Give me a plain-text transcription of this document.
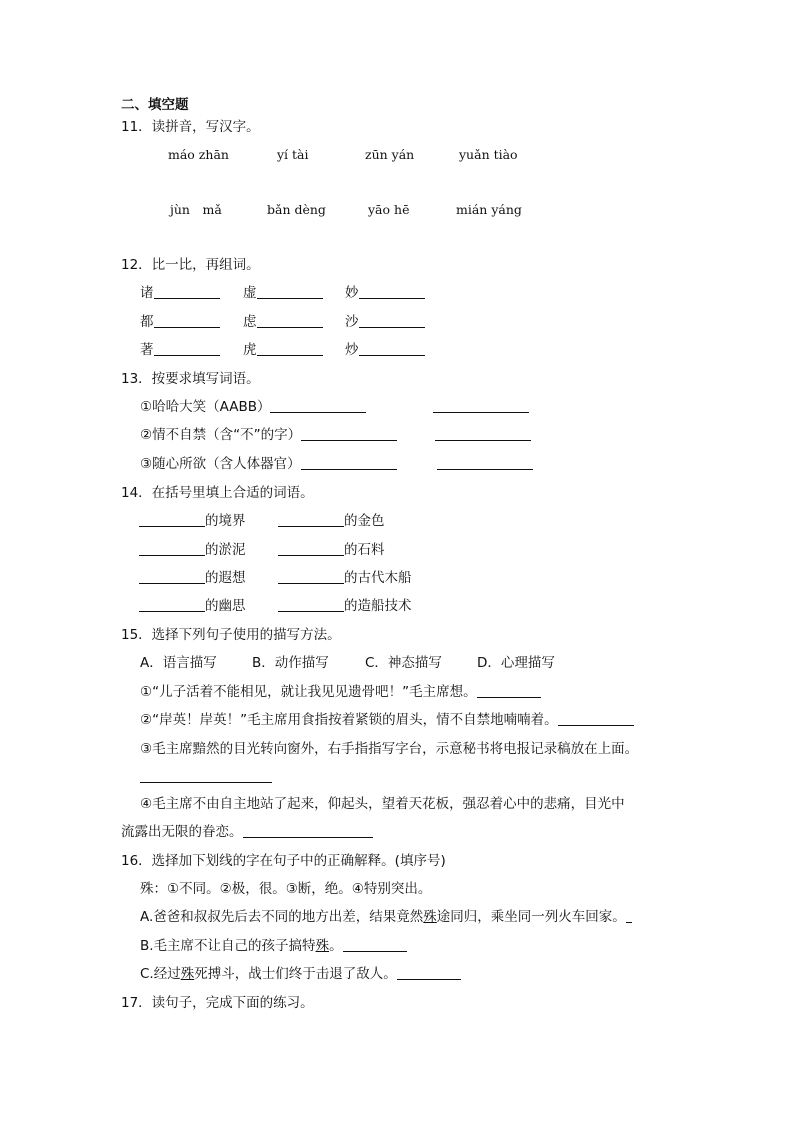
二、填空题
11．读拼音，写汉字。
máo zhān	yí tài	zūn yán	yuǎn tiào
jùn　mǎ	bǎn dèng	yāo hē	mián yáng
12．比一比，再组词。
诸	虚	妙
都	虑	沙
著	虎	炒
13．按要求填写词语。
①哈哈大笑（AABB）
②情不自禁（含“不”的字）
③随心所欲（含人体器官）
14．在括号里填上合适的词语。
的境界	的金色
的淤泥	的石料
的遐想	的古代木船
的幽思	的造船技术
15．选择下列句子使用的描写方法。
A．语言描写	B．动作描写	C．神态描写	D．心理描写
①“儿子活着不能相见，就让我见见遗骨吧！”毛主席想。
②“岸英！岸英！”毛主席用食指按着紧锁的眉头，情不自禁地喃喃着。
③毛主席黯然的目光转向窗外，右手指指写字台，示意秘书将电报记录稿放在上面。
④毛主席不由自主地站了起来，仰起头，望着天花板，强忍着心中的悲痛，目光中
流露出无限的眷恋。
16．选择加下划线的字在句子中的正确解释。(填序号)
殊：①不同。②极，很。③断，绝。④特别突出。
A.爸爸和叔叔先后去不同的地方出差，结果竟然殊途同归，乘坐同一列火车回家。
B.毛主席不让自己的孩子搞特殊。
C.经过殊死搏斗，战士们终于击退了敌人。
17．读句子，完成下面的练习。
